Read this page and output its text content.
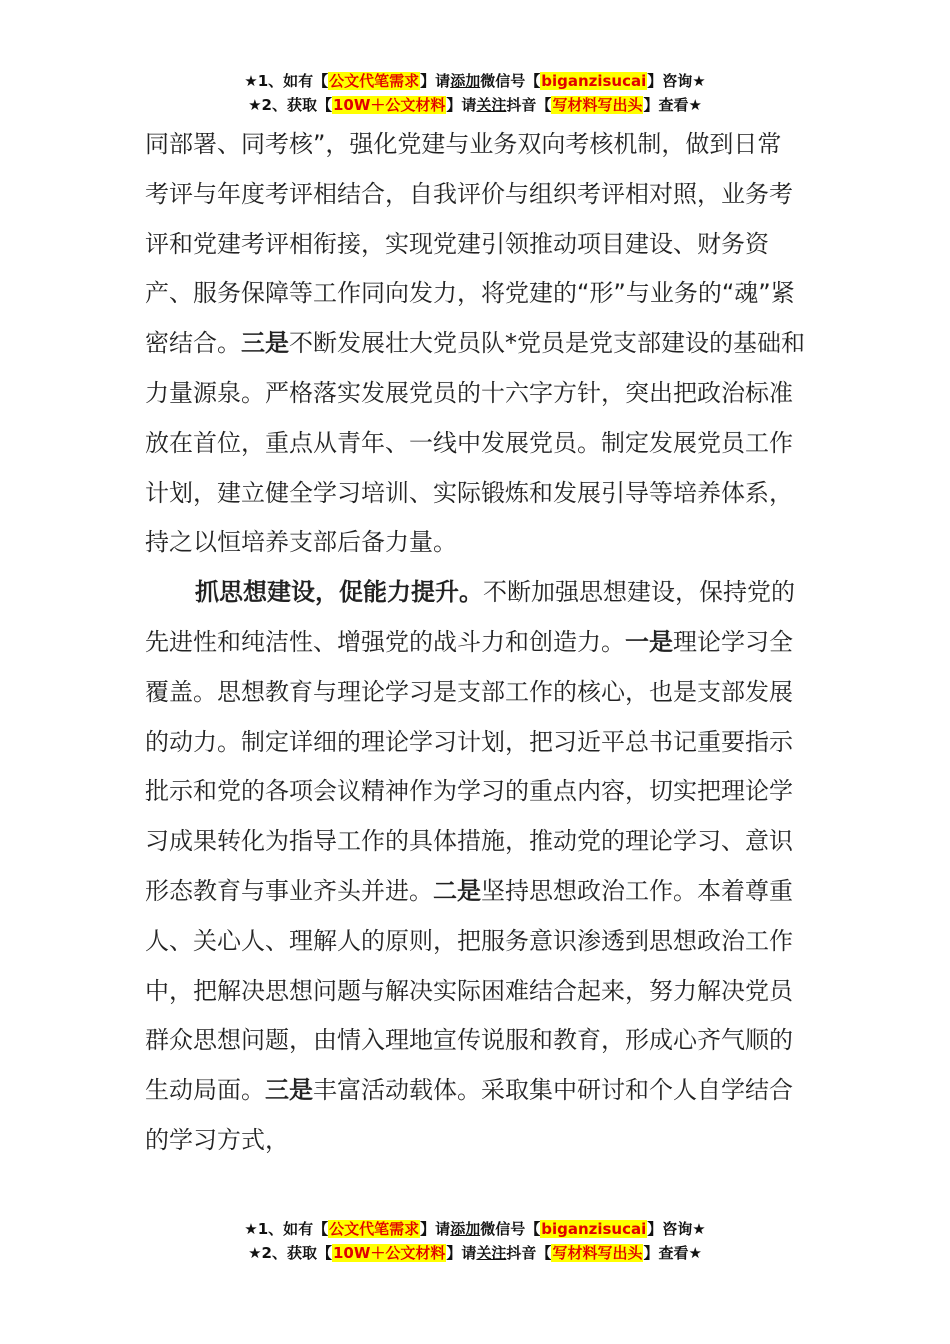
★1、如有【公文代笔需求】请添加微信号【biganzisucai】咨询★
★2、获取【10W＋公文材料】请关注抖音【写材料写出头】查看★

同部署、同考核”，强化党建与业务双向考核机制，做到日常考评与年度考评相结合，自我评价与组织考评相对照，业务考评和党建考评相衔接，实现党建引领推动项目建设、财务资产、服务保障等工作同向发力，将党建的“形”与业务的“魂”紧密结合。三是不断发展壮大党员队*党员是党支部建设的基础和力量源泉。严格落实发展党员的十六字方针，突出把政治标准放在首位，重点从青年、一线中发展党员。制定发展党员工作计划，建立健全学习培训、实际锻炼和发展引导等培养体系，持之以恒培养支部后备力量。

抓思想建设，促能力提升。不断加强思想建设，保持党的先进性和纯洁性、增强党的战斗力和创造力。一是理论学习全覆盖。思想教育与理论学习是支部工作的核心，也是支部发展的动力。制定详细的理论学习计划，把习近平总书记重要指示批示和党的各项会议精神作为学习的重点内容，切实把理论学习成果转化为指导工作的具体措施，推动党的理论学习、意识形态教育与事业齐头并进。二是坚持思想政治工作。本着尊重人、关心人、理解人的原则，把服务意识渗透到思想政治工作中，把解决思想问题与解决实际困难结合起来，努力解决党员群众思想问题，由情入理地宣传说服和教育，形成心齐气顺的生动局面。三是丰富活动载体。采取集中研讨和个人自学结合的学习方式，

★1、如有【公文代笔需求】请添加微信号【biganzisucai】咨询★
★2、获取【10W＋公文材料】请关注抖音【写材料写出头】查看★
